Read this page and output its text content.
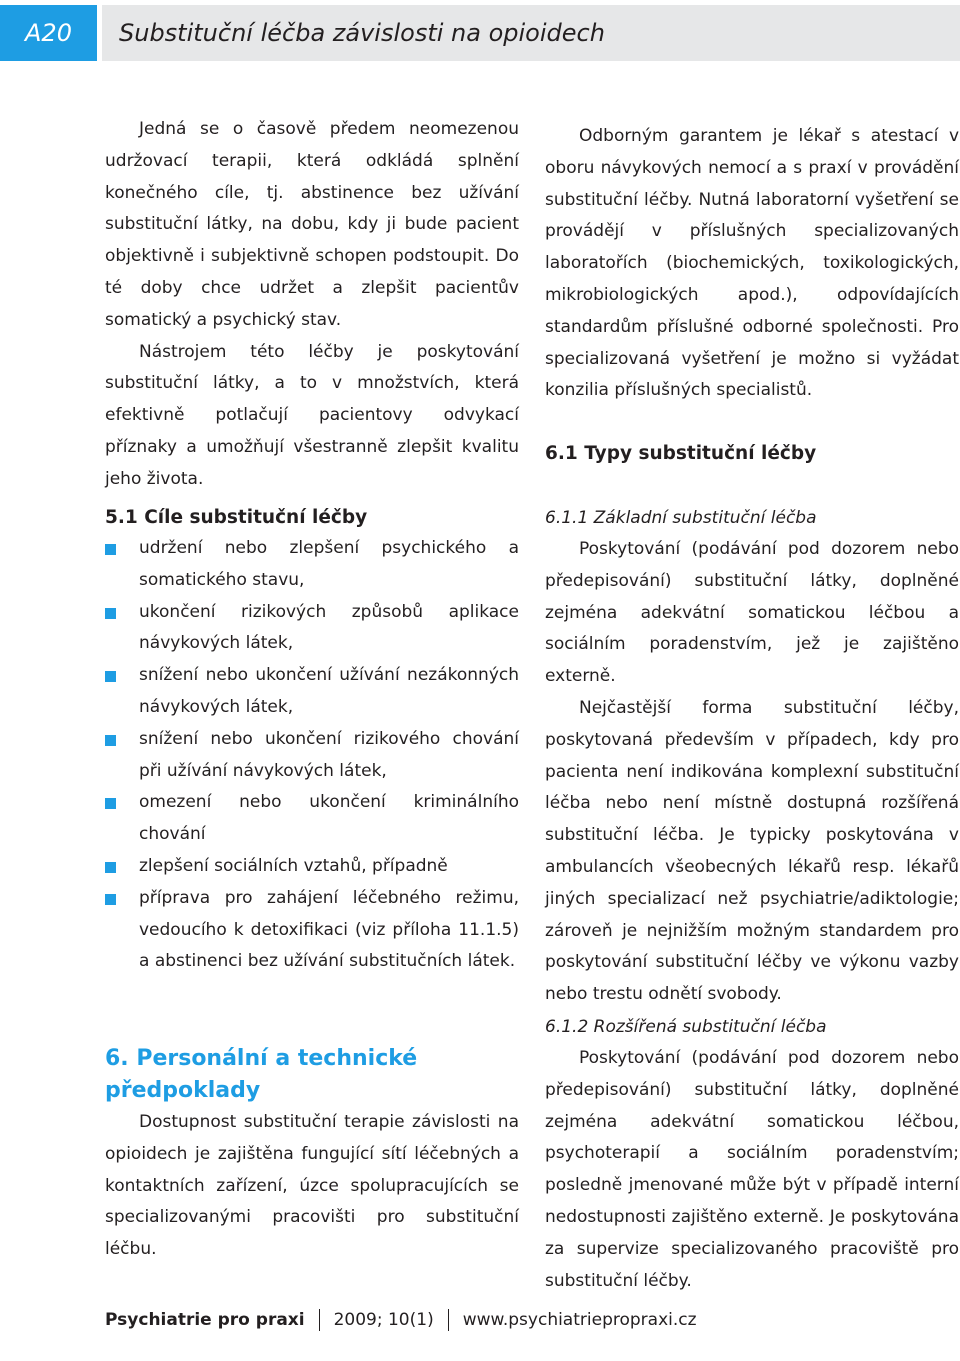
A20	Substituční léčba závislosti na opioidech

Jedná se o časově předem neomezenou udržovací terapii, která odkládá splnění konečného cíle, tj. abstinence bez užívání substituční látky, na dobu, kdy ji bude pacient objektivně i subjektivně schopen podstoupit. Do té doby chce udržet a zlepšit pacientův somatický a psychický stav.

Nástrojem této léčby je poskytování substituční látky, a to v množstvích, která efektivně potlačují pacientovy odvykací příznaky a umožňují všestranně zlepšit kvalitu jeho života.

5.1 Cíle substituční léčby
udržení nebo zlepšení psychického a somatického stavu,
ukončení rizikových způsobů aplikace návykových látek,
snížení nebo ukončení užívání nezákonných návykových látek,
snížení nebo ukončení rizikového chování při užívání návykových látek,
omezení nebo ukončení kriminálního chování
zlepšení sociálních vztahů, případně
příprava pro zahájení léčebného režimu, vedoucího k detoxifikaci (viz příloha 11.1.5) a abstinenci bez užívání substitučních látek.
6. Personální a technické předpoklady

Dostupnost substituční terapie závislosti na opioidech je zajištěna fungující sítí léčebných a kontaktních zařízení, úzce spolupracujících se specializovanými pracovišti pro substituční léčbu.

Odborným garantem je lékař s atestací v oboru návykových nemocí a s praxí v provádění substituční léčby. Nutná laboratorní vyšetření se provádějí v příslušných specializovaných laboratořích (biochemických, toxikologických, mikrobiologických apod.), odpovídajících standardům příslušné odborné společnosti. Pro specializovaná vyšetření je možno si vyžádat konzilia příslušných specialistů.

6.1 Typy substituční léčby
6.1.1 Základní substituční léčba

Poskytování (podávání pod dozorem nebo předepisování) substituční látky, doplněné zejména adekvátní somatickou léčbou a sociálním poradenstvím, jež je zajištěno externě.

Nejčastější forma substituční léčby, poskytovaná především v případech, kdy pro pacienta není indikována komplexní substituční léčba nebo není místně dostupná rozšířená substituční léčba. Je typicky poskytována v ambulancích všeobecných lékařů resp. lékařů jiných specializací než psychiatrie/adiktologie; zároveň je nejnižším možným standardem pro poskytování substituční léčby ve výkonu vazby nebo trestu odnětí svobody.

6.1.2 Rozšířená substituční léčba

Poskytování (podávání pod dozorem nebo předepisování) substituční látky, doplněné zejména adekvátní somatickou léčbou, psychoterapií a sociálním poradenstvím; posledně jmenované může být v případě interní nedostupnosti zajištěno externě. Je poskytována za supervize specializovaného pracoviště pro substituční léčby.

Psychiatrie pro praxi 2009; 10(1) www.psychiatriepropraxi.cz
